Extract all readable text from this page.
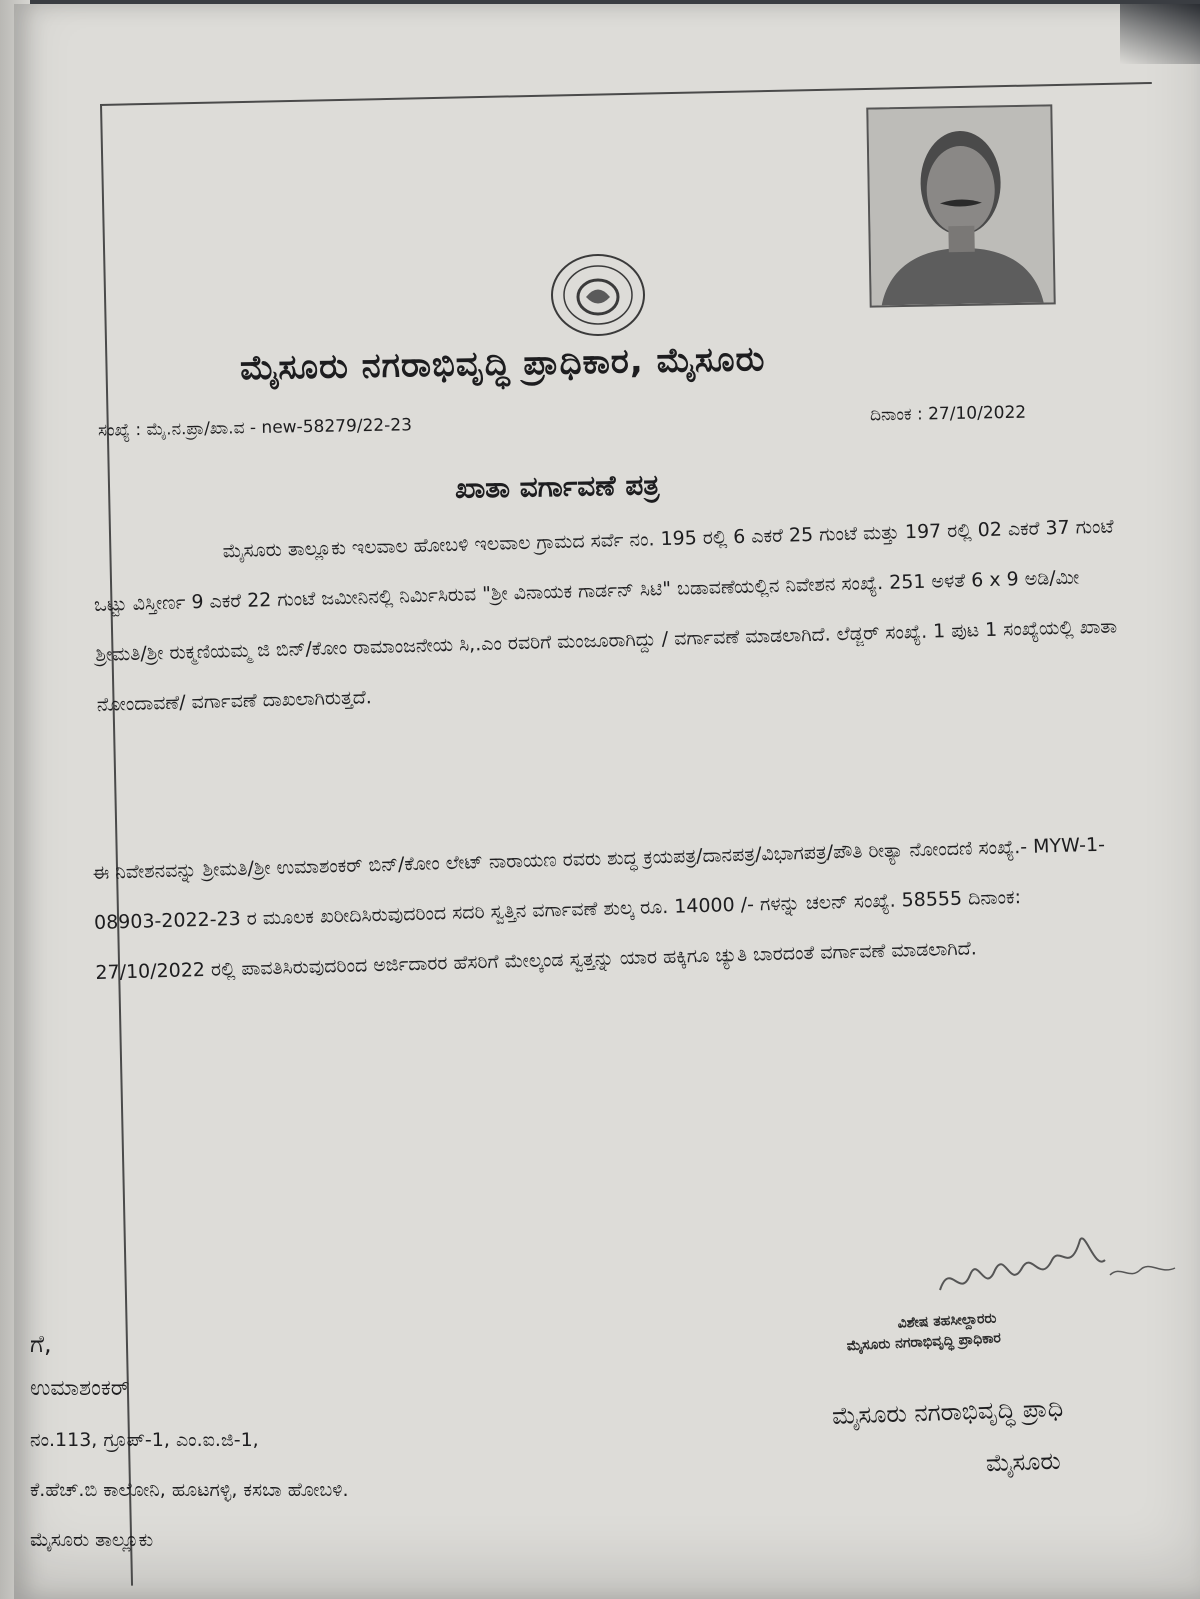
ಮೈಸೂರು ನಗರಾಭಿವೃದ್ಧಿ ಪ್ರಾಧಿಕಾರ, ಮೈಸೂರು
ಸಂಖ್ಯೆ : ಮೈ.ನ.ಪ್ರಾ/ಖಾ.ವ - new-58279/22-23
ದಿನಾಂಕ : 27/10/2022
ಖಾತಾ ವರ್ಗಾವಣೆ ಪತ್ರ
ಮೈಸೂರು ತಾಲ್ಲೂಕು ಇಲವಾಲ ಹೋಬಳಿ ಇಲವಾಲ ಗ್ರಾಮದ ಸರ್ವೆ ನಂ. 195 ರಲ್ಲಿ 6 ಎಕರೆ 25 ಗುಂಟೆ ಮತ್ತು 197 ರಲ್ಲಿ 02 ಎಕರೆ 37 ಗುಂಟೆ ಒಟ್ಟು ವಿಸ್ತೀರ್ಣ 9 ಎಕರೆ 22 ಗುಂಟೆ ಜಮೀನಿನಲ್ಲಿ ನಿರ್ಮಿಸಿರುವ "ಶ್ರೀ ವಿನಾಯಕ ಗಾರ್ಡನ್ ಸಿಟಿ" ಬಡಾವಣೆಯಲ್ಲಿನ ನಿವೇಶನ ಸಂಖ್ಯೆ. 251 ಅಳತೆ 6 x 9 ಅಡಿ/ಮೀ ಶ್ರೀಮತಿ/ಶ್ರೀ ರುಕ್ಮಣಿಯಮ್ಮ ಜಿ ಬಿನ್/ಕೋಂ ರಾಮಾಂಜನೇಯ ಸಿ,.ಎಂ ರವರಿಗೆ ಮಂಜೂರಾಗಿದ್ದು / ವರ್ಗಾವಣೆ ಮಾಡಲಾಗಿದೆ. ಲೆಡ್ಜರ್ ಸಂಖ್ಯೆ. 1 ಪುಟ 1 ಸಂಖ್ಯೆಯಲ್ಲಿ ಖಾತಾ ನೋಂದಾವಣೆ/ ವರ್ಗಾವಣೆ ದಾಖಲಾಗಿರುತ್ತದೆ.
ಈ ನಿವೇಶನವನ್ನು ಶ್ರೀಮತಿ/ಶ್ರೀ ಉಮಾಶಂಕರ್ ಬಿನ್/ಕೋಂ ಲೇಟ್ ನಾರಾಯಣ ರವರು ಶುದ್ಧ ಕ್ರಯಪತ್ರ/ದಾನಪತ್ರ/ವಿಭಾಗಪತ್ರ/ಪೌತಿ ರೀತ್ಯಾ ನೋಂದಣಿ ಸಂಖ್ಯೆ.- MYW-1-08903-2022-23 ರ ಮೂಲಕ ಖರೀದಿಸಿರುವುದರಿಂದ ಸದರಿ ಸ್ವತ್ತಿನ ವರ್ಗಾವಣೆ ಶುಲ್ಕ ರೂ. 14000 /- ಗಳನ್ನು ಚಲನ್ ಸಂಖ್ಯೆ. 58555 ದಿನಾಂಕ: 27/10/2022 ರಲ್ಲಿ ಪಾವತಿಸಿರುವುದರಿಂದ ಅರ್ಜಿದಾರರ ಹೆಸರಿಗೆ ಮೇಲ್ಕಂಡ ಸ್ವತ್ತನ್ನು ಯಾರ ಹಕ್ಕಿಗೂ ಚ್ಯುತಿ ಬಾರದಂತೆ ವರ್ಗಾವಣೆ ಮಾಡಲಾಗಿದೆ.
ವಿಶೇಷ ತಹಸೀಲ್ದಾರರು
ಮೈಸೂರು ನಗರಾಭಿವೃದ್ಧಿ ಪ್ರಾಧಿಕಾರ
ಮೈಸೂರು ನಗರಾಭಿವೃದ್ಧಿ ಪ್ರಾಧಿ
ಮೈಸೂರು
ಗೆ,
ಉಮಾಶಂಕರ್
ನಂ.113, ಗ್ರೂಪ್-1, ಎಂ.ಐ.ಜಿ-1,
ಕೆ.ಹೆಚ್.ಬಿ ಕಾಲೋನಿ, ಹೂಟಗಳ್ಳಿ, ಕಸಬಾ ಹೋಬಳಿ.
ಮೈಸೂರು ತಾಲ್ಲೂಕು
